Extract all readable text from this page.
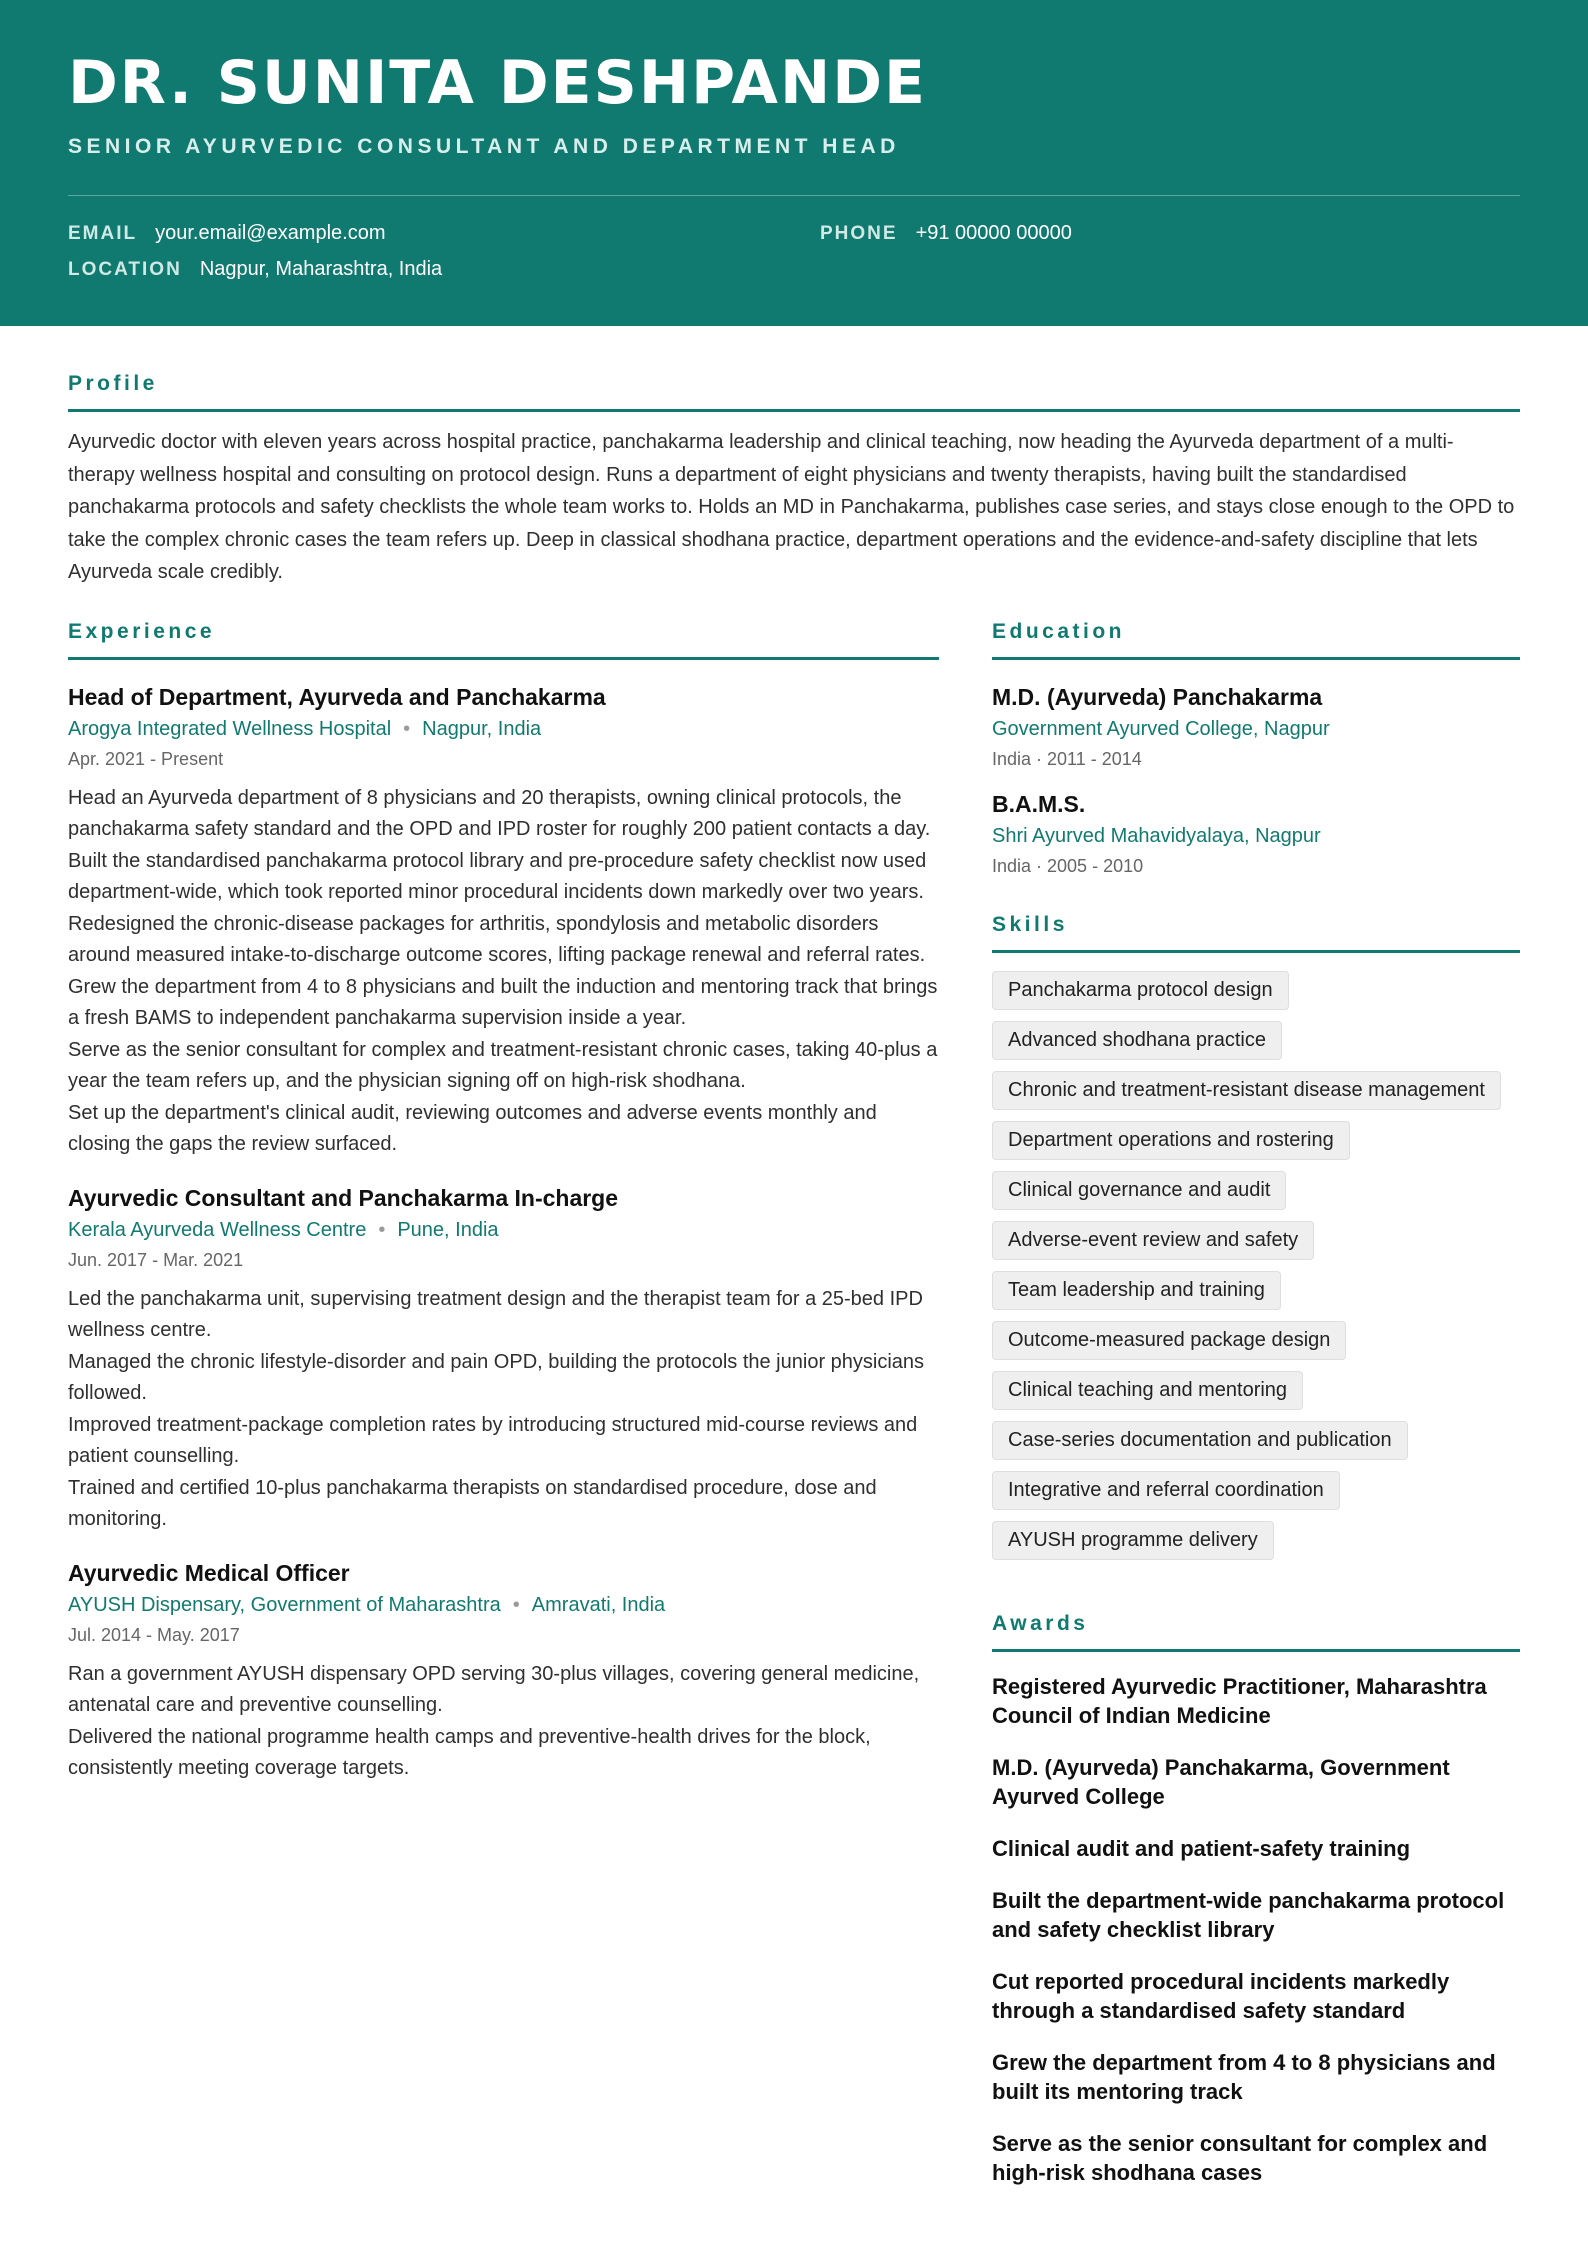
DR. SUNITA DESHPANDE
SENIOR AYURVEDIC CONSULTANT AND DEPARTMENT HEAD
EMAIL your.email@example.com	PHONE +91 00000 00000
LOCATION Nagpur, Maharashtra, India
Profile
Ayurvedic doctor with eleven years across hospital practice, panchakarma leadership and clinical teaching, now heading the Ayurveda department of a multi-therapy wellness hospital and consulting on protocol design. Runs a department of eight physicians and twenty therapists, having built the standardised panchakarma protocols and safety checklists the whole team works to. Holds an MD in Panchakarma, publishes case series, and stays close enough to the OPD to take the complex chronic cases the team refers up. Deep in classical shodhana practice, department operations and the evidence-and-safety discipline that lets Ayurveda scale credibly.
Experience
Head of Department, Ayurveda and Panchakarma
Arogya Integrated Wellness Hospital • Nagpur, India
Apr. 2021 - Present
Head an Ayurveda department of 8 physicians and 20 therapists, owning clinical protocols, the panchakarma safety standard and the OPD and IPD roster for roughly 200 patient contacts a day.
Built the standardised panchakarma protocol library and pre-procedure safety checklist now used department-wide, which took reported minor procedural incidents down markedly over two years.
Redesigned the chronic-disease packages for arthritis, spondylosis and metabolic disorders around measured intake-to-discharge outcome scores, lifting package renewal and referral rates.
Grew the department from 4 to 8 physicians and built the induction and mentoring track that brings a fresh BAMS to independent panchakarma supervision inside a year.
Serve as the senior consultant for complex and treatment-resistant chronic cases, taking 40-plus a year the team refers up, and the physician signing off on high-risk shodhana.
Set up the department's clinical audit, reviewing outcomes and adverse events monthly and closing the gaps the review surfaced.
Ayurvedic Consultant and Panchakarma In-charge
Kerala Ayurveda Wellness Centre • Pune, India
Jun. 2017 - Mar. 2021
Led the panchakarma unit, supervising treatment design and the therapist team for a 25-bed IPD wellness centre.
Managed the chronic lifestyle-disorder and pain OPD, building the protocols the junior physicians followed.
Improved treatment-package completion rates by introducing structured mid-course reviews and patient counselling.
Trained and certified 10-plus panchakarma therapists on standardised procedure, dose and monitoring.
Ayurvedic Medical Officer
AYUSH Dispensary, Government of Maharashtra • Amravati, India
Jul. 2014 - May. 2017
Ran a government AYUSH dispensary OPD serving 30-plus villages, covering general medicine, antenatal care and preventive counselling.
Delivered the national programme health camps and preventive-health drives for the block, consistently meeting coverage targets.
Education
M.D. (Ayurveda) Panchakarma
Government Ayurved College, Nagpur
India · 2011 - 2014
B.A.M.S.
Shri Ayurved Mahavidyalaya, Nagpur
India · 2005 - 2010
Skills
Panchakarma protocol design
Advanced shodhana practice
Chronic and treatment-resistant disease management
Department operations and rostering
Clinical governance and audit
Adverse-event review and safety
Team leadership and training
Outcome-measured package design
Clinical teaching and mentoring
Case-series documentation and publication
Integrative and referral coordination
AYUSH programme delivery
Awards
Registered Ayurvedic Practitioner, Maharashtra Council of Indian Medicine
M.D. (Ayurveda) Panchakarma, Government Ayurved College
Clinical audit and patient-safety training
Built the department-wide panchakarma protocol and safety checklist library
Cut reported procedural incidents markedly through a standardised safety standard
Grew the department from 4 to 8 physicians and built its mentoring track
Serve as the senior consultant for complex and high-risk shodhana cases
